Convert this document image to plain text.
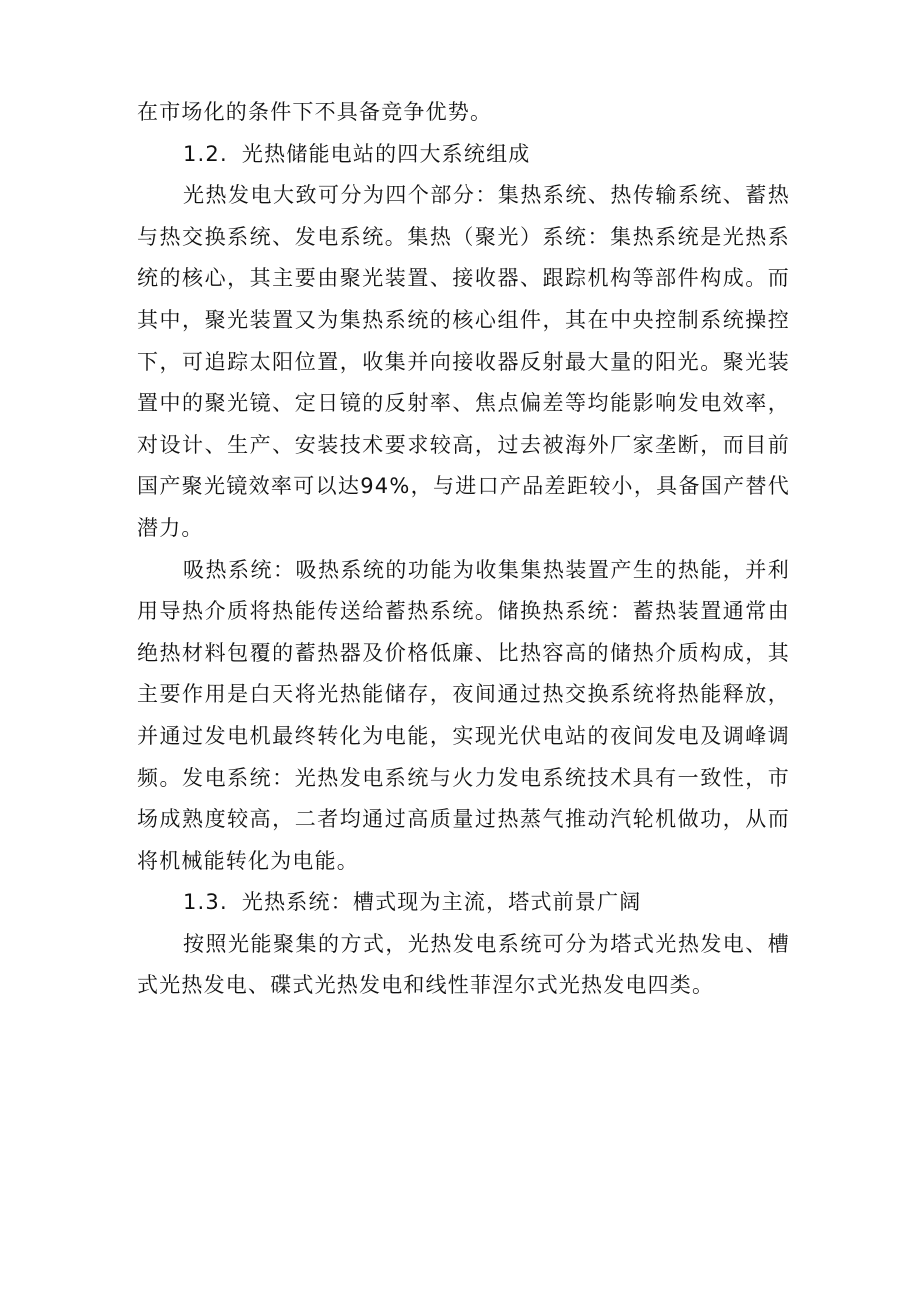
在市场化的条件下不具备竞争优势。

1.2. 光热储能电站的四大系统组成

光热发电大致可分为四个部分：集热系统、热传输系统、蓄热与热交换系统、发电系统。集热（聚光）系统：集热系统是光热系统的核心，其主要由聚光装置、接收器、跟踪机构等部件构成。而其中，聚光装置又为集热系统的核心组件，其在中央控制系统操控下，可追踪太阳位置，收集并向接收器反射最大量的阳光。聚光装置中的聚光镜、定日镜的反射率、焦点偏差等均能影响发电效率，对设计、生产、安装技术要求较高，过去被海外厂家垄断，而目前国产聚光镜效率可以达94%，与进口产品差距较小，具备国产替代潜力。

吸热系统：吸热系统的功能为收集集热装置产生的热能，并利用导热介质将热能传送给蓄热系统。储换热系统：蓄热装置通常由绝热材料包覆的蓄热器及价格低廉、比热容高的储热介质构成，其主要作用是白天将光热能储存，夜间通过热交换系统将热能释放，并通过发电机最终转化为电能，实现光伏电站的夜间发电及调峰调频。发电系统：光热发电系统与火力发电系统技术具有一致性，市场成熟度较高，二者均通过高质量过热蒸气推动汽轮机做功，从而将机械能转化为电能。

1.3. 光热系统：槽式现为主流，塔式前景广阔

按照光能聚集的方式，光热发电系统可分为塔式光热发电、槽式光热发电、碟式光热发电和线性菲涅尔式光热发电四类。
